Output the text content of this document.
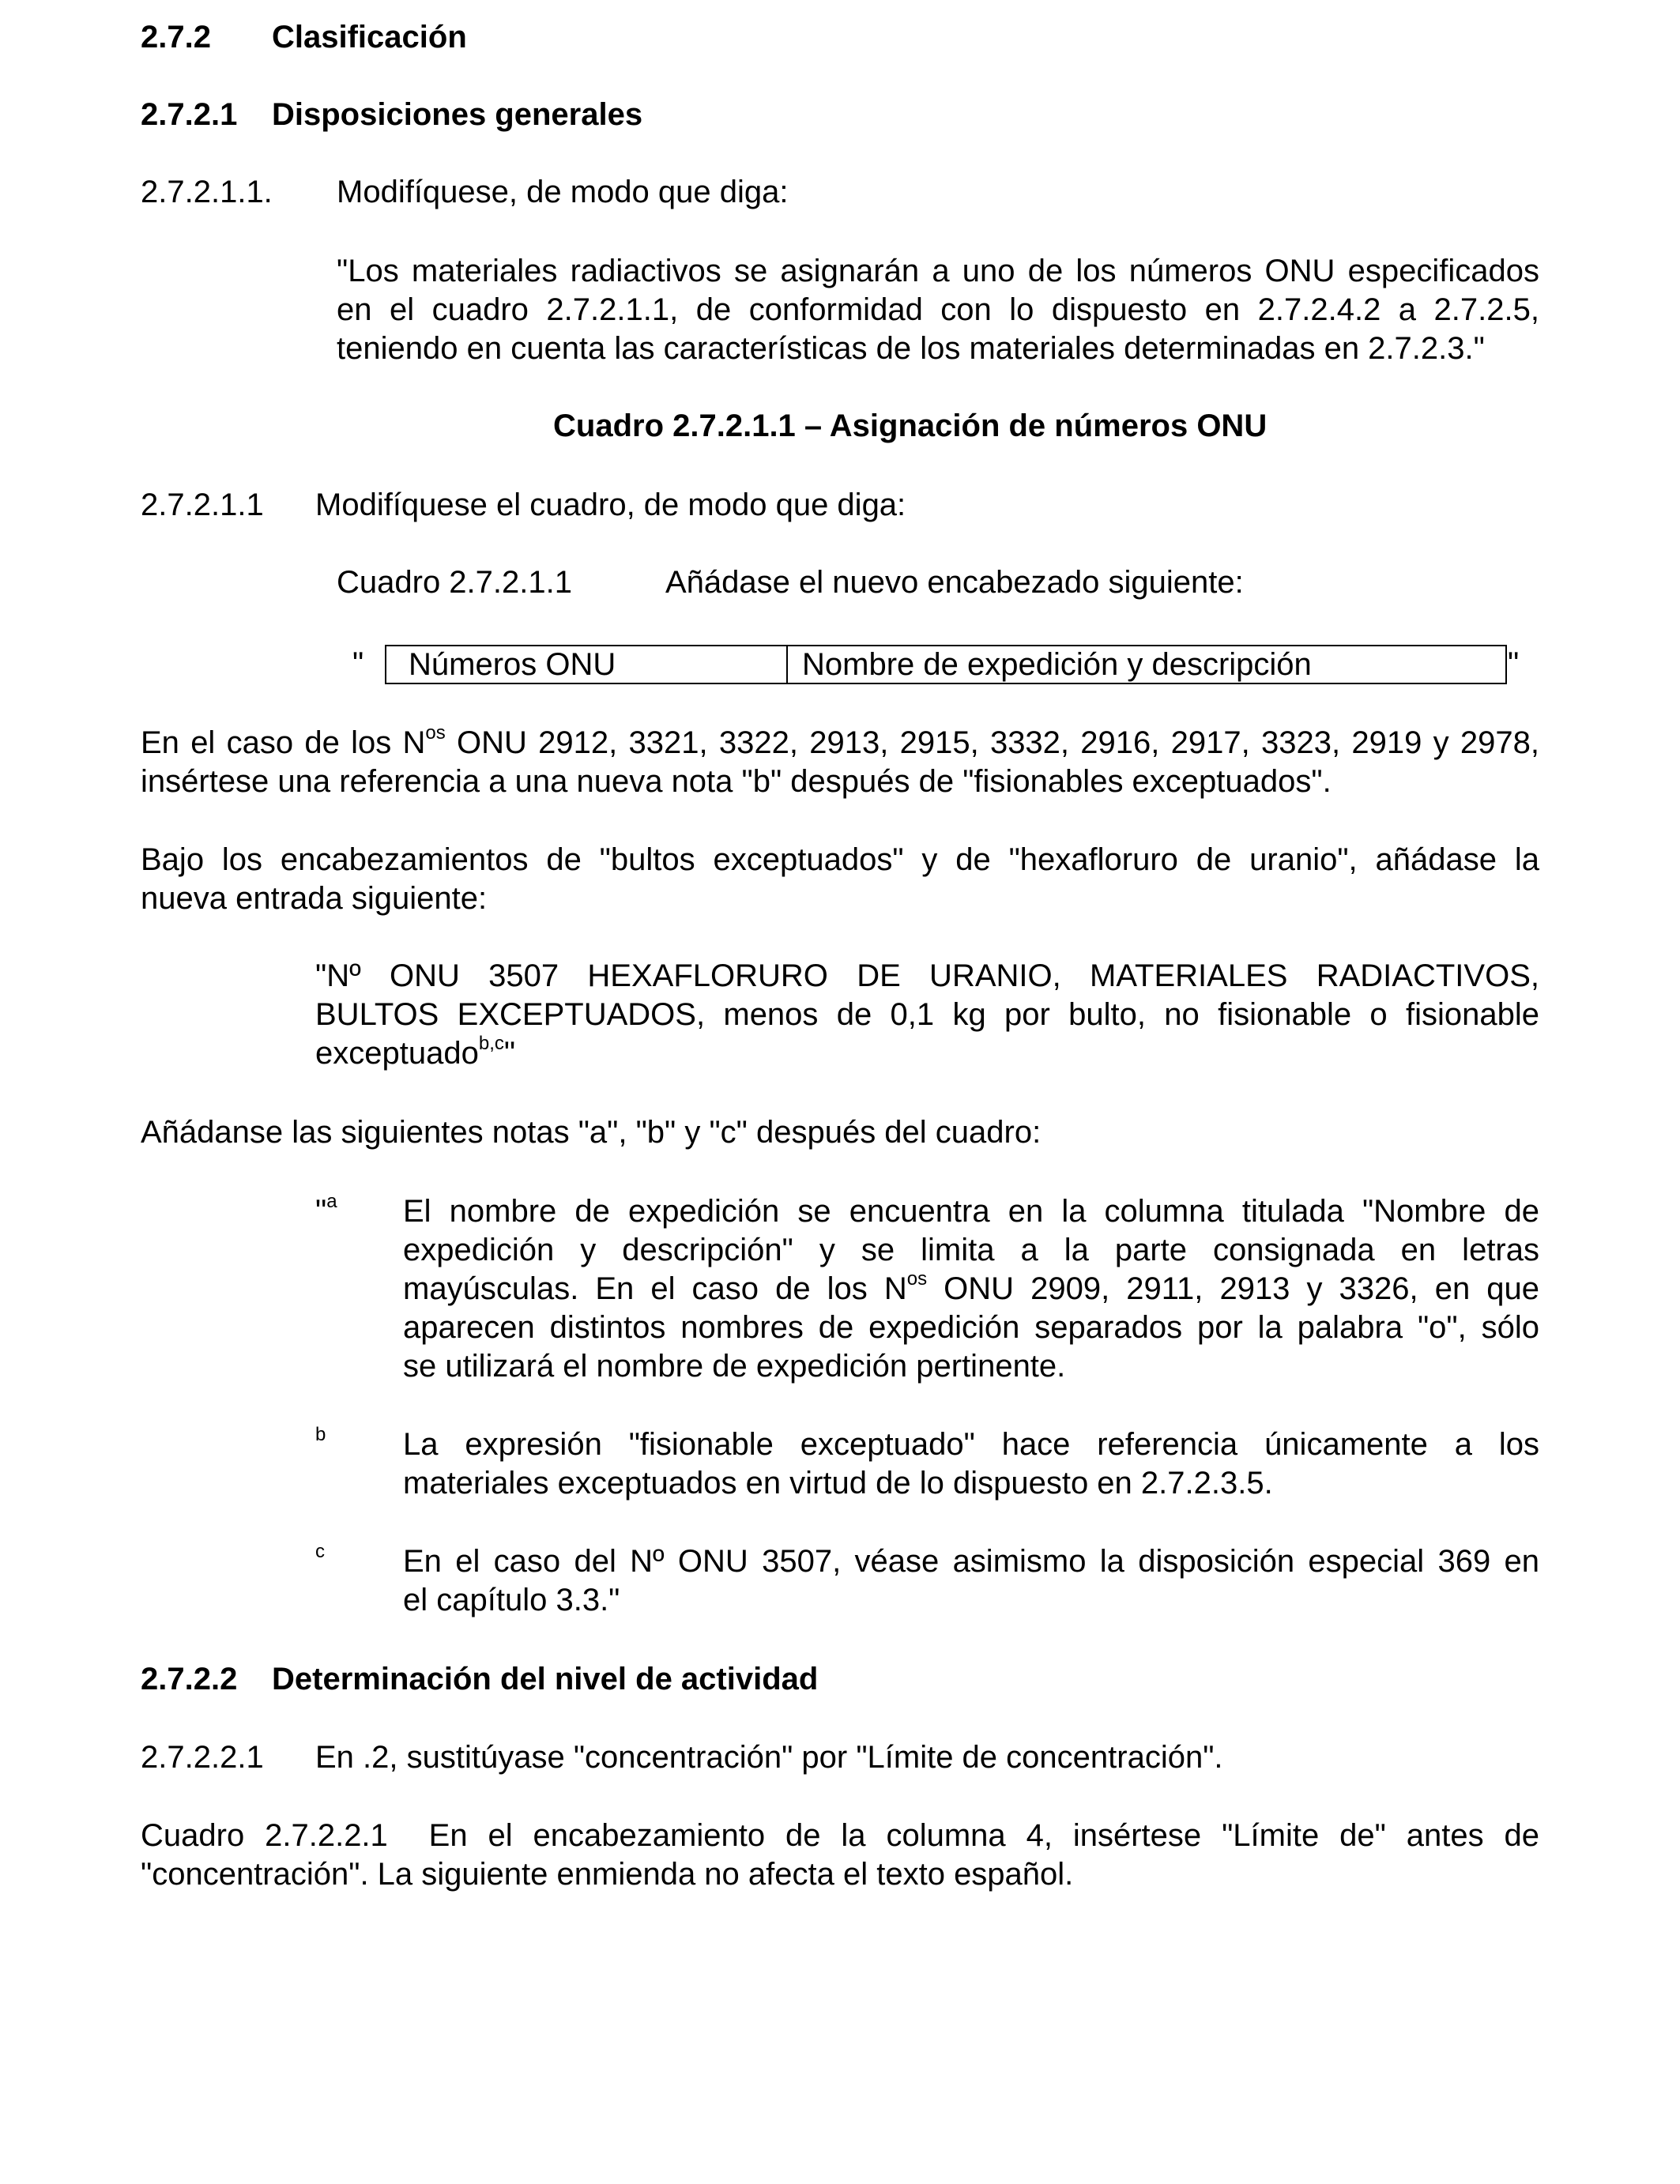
2.7.2 Clasificación
2.7.2.1 Disposiciones generales
2.7.2.1.1. Modifíquese, de modo que diga:
"Los materiales radiactivos se asignarán a uno de los números ONU especificados
en el cuadro 2.7.2.1.1, de conformidad con lo dispuesto en 2.7.2.4.2 a 2.7.2.5,
teniendo en cuenta las características de los materiales determinadas en 2.7.2.3."
Cuadro 2.7.2.1.1 – Asignación de números ONU
2.7.2.1.1 Modifíquese el cuadro, de modo que diga:
Cuadro 2.7.2.1.1	Añádase el nuevo encabezado siguiente:
"	Números ONU	Nombre de expedición y descripción	"
En el caso de los $N^{os}$ ONU 2912, 3321, 3322, 2913, 2915, 3332, 2916, 2917, 3323, 2919 y 2978,
insértese una referencia a una nueva nota "b" después de "fisionables exceptuados".
Bajo los encabezamientos de "bultos exceptuados" y de "hexafloruro de uranio", añádase la
nueva entrada siguiente:
"Nº ONU 3507 HEXAFLORURO DE URANIO, MATERIALES RADIACTIVOS,
BULTOS EXCEPTUADOS, menos de 0,1 kg por bulto, no fisionable o fisionable
exceptuado$^{b,c}$"
Añádanse las siguientes notas "a", "b" y "c" después del cuadro:
"$^a$ El nombre de expedición se encuentra en la columna titulada "Nombre de
expedición y descripción" y se limita a la parte consignada en letras
mayúsculas. En el caso de los $N^{os}$ ONU 2909, 2911, 2913 y 3326, en que
aparecen distintos nombres de expedición separados por la palabra "o", sólo
se utilizará el nombre de expedición pertinente.
$^b$ La expresión "fisionable exceptuado" hace referencia únicamente a los
materiales exceptuados en virtud de lo dispuesto en 2.7.2.3.5.
$^c$ En el caso del Nº ONU 3507, véase asimismo la disposición especial 369 en
el capítulo 3.3."
2.7.2.2 Determinación del nivel de actividad
2.7.2.2.1 En .2, sustitúyase "concentración" por "Límite de concentración".
Cuadro 2.7.2.2.1  En el encabezamiento de la columna 4, insértese "Límite de" antes de
"concentración". La siguiente enmienda no afecta el texto español.
